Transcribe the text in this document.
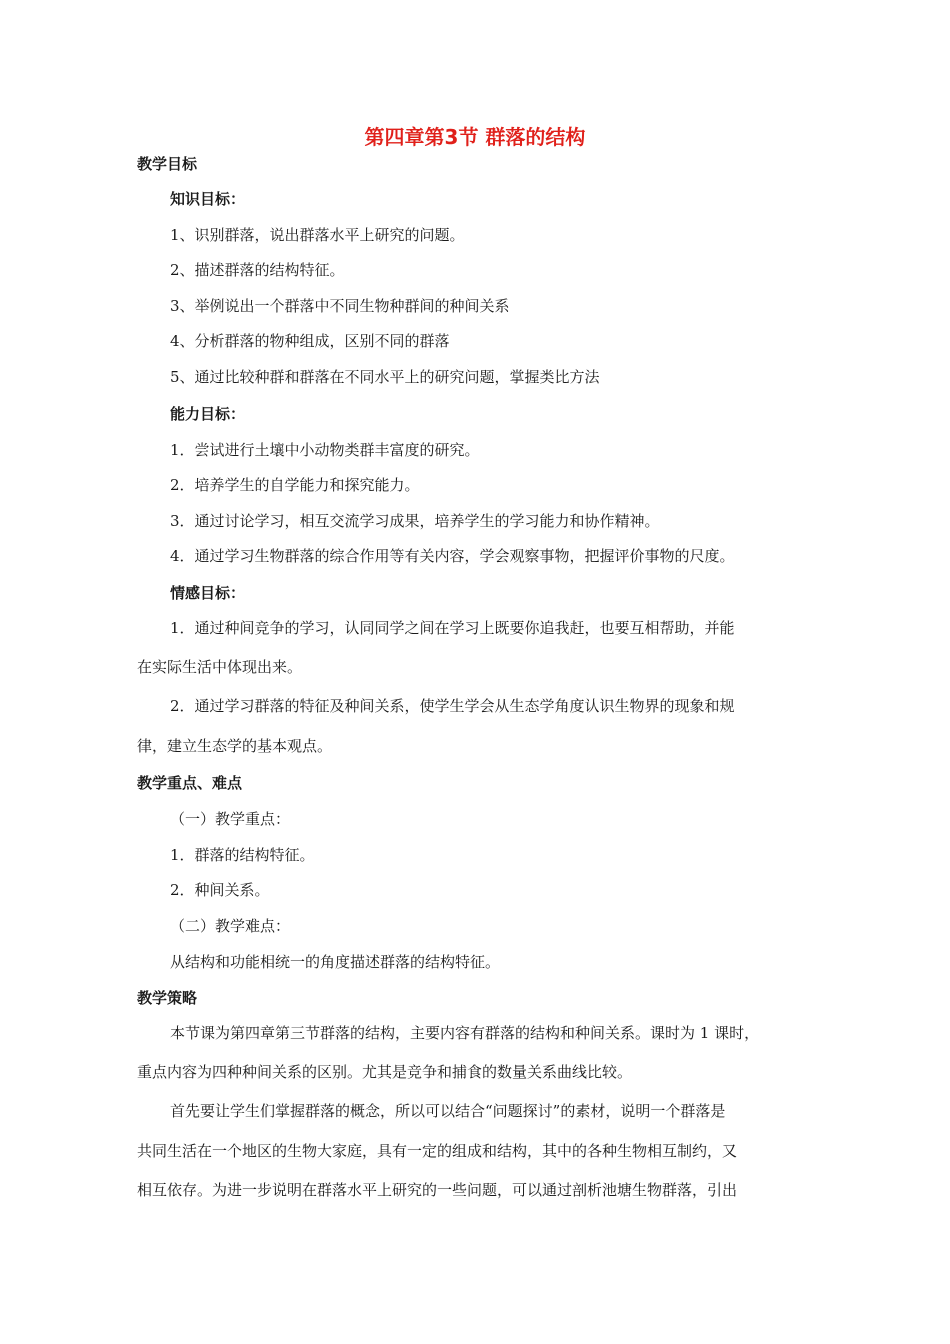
第四章第3节 群落的结构
教学目标
知识目标：
1、识别群落，说出群落水平上研究的问题。
2、描述群落的结构特征。
3、举例说出一个群落中不同生物种群间的种间关系
4、分析群落的物种组成，区别不同的群落
5、通过比较种群和群落在不同水平上的研究问题，掌握类比方法
能力目标：
1．尝试进行土壤中小动物类群丰富度的研究。
2．培养学生的自学能力和探究能力。
3．通过讨论学习，相互交流学习成果，培养学生的学习能力和协作精神。
4．通过学习生物群落的综合作用等有关内容，学会观察事物，把握评价事物的尺度。
情感目标：
1．通过种间竞争的学习，认同同学之间在学习上既要你追我赶，也要互相帮助，并能
在实际生活中体现出来。
2．通过学习群落的特征及种间关系，使学生学会从生态学角度认识生物界的现象和规
律，建立生态学的基本观点。
教学重点、难点
（一）教学重点：
1．群落的结构特征。
2．种间关系。
（二）教学难点：
从结构和功能相统一的角度描述群落的结构特征。
教学策略
本节课为第四章第三节群落的结构，主要内容有群落的结构和种间关系。课时为 1 课时，
重点内容为四种种间关系的区别。尤其是竞争和捕食的数量关系曲线比较。
首先要让学生们掌握群落的概念，所以可以结合“问题探讨”的素材，说明一个群落是
共同生活在一个地区的生物大家庭，具有一定的组成和结构，其中的各种生物相互制约，又
相互依存。为进一步说明在群落水平上研究的一些问题，可以通过剖析池塘生物群落，引出
